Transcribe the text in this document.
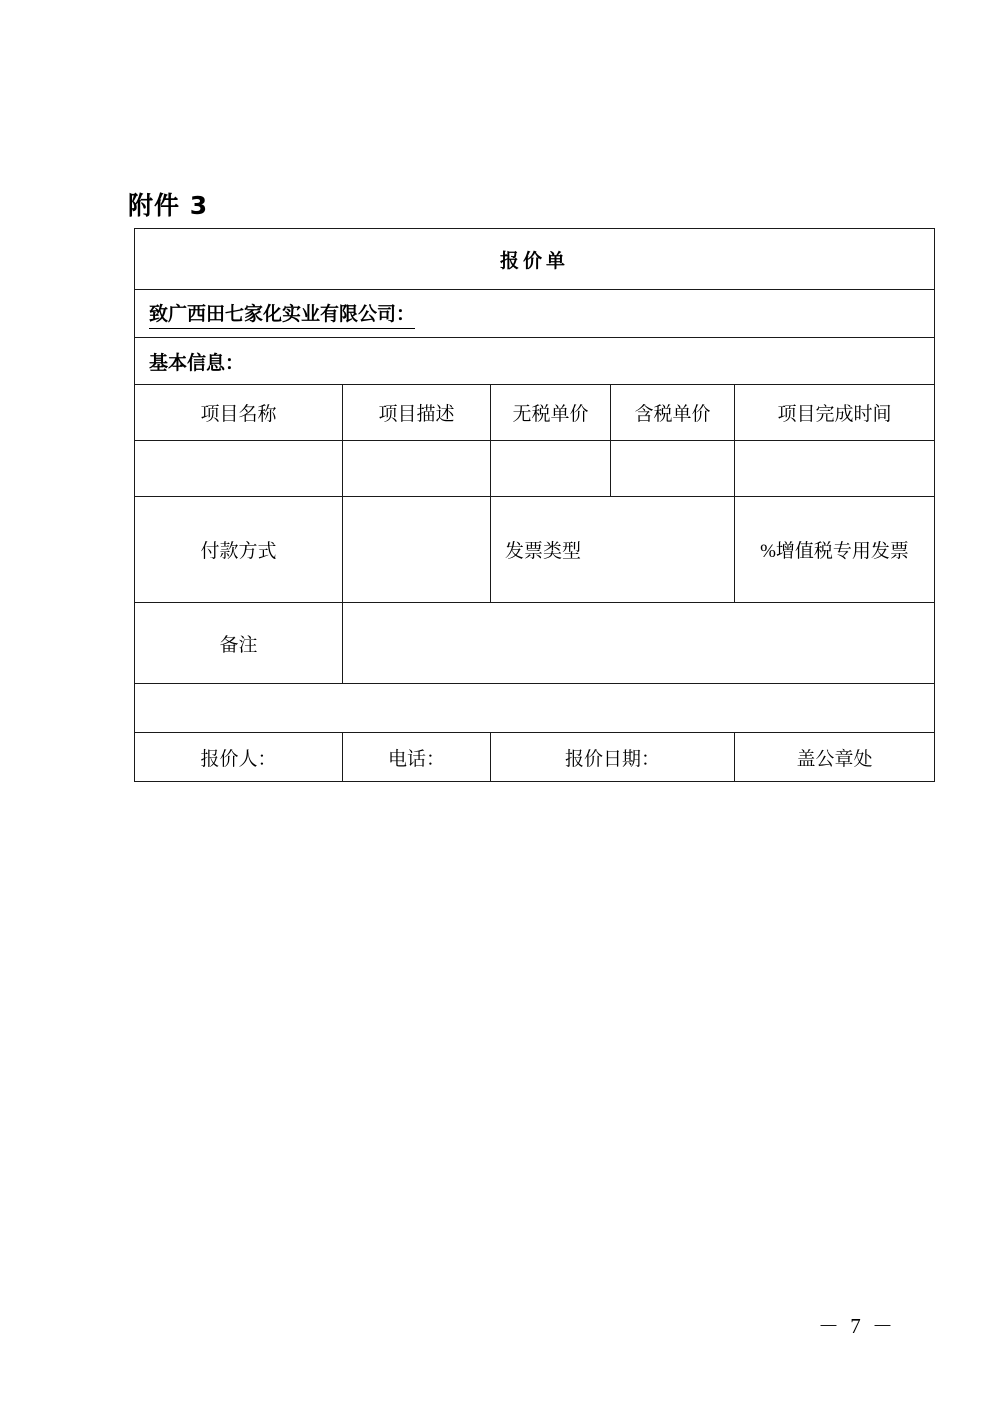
附件 3
报价单				
致广西田七家化实业有限公司：				
基本信息：				
项目名称	项目描述	无税单价	含税单价	项目完成时间

付款方式		发票类型		%增值税专用发票
备注				

报价人：	电话：	报价日期：		盖公章处
－ 7 －
